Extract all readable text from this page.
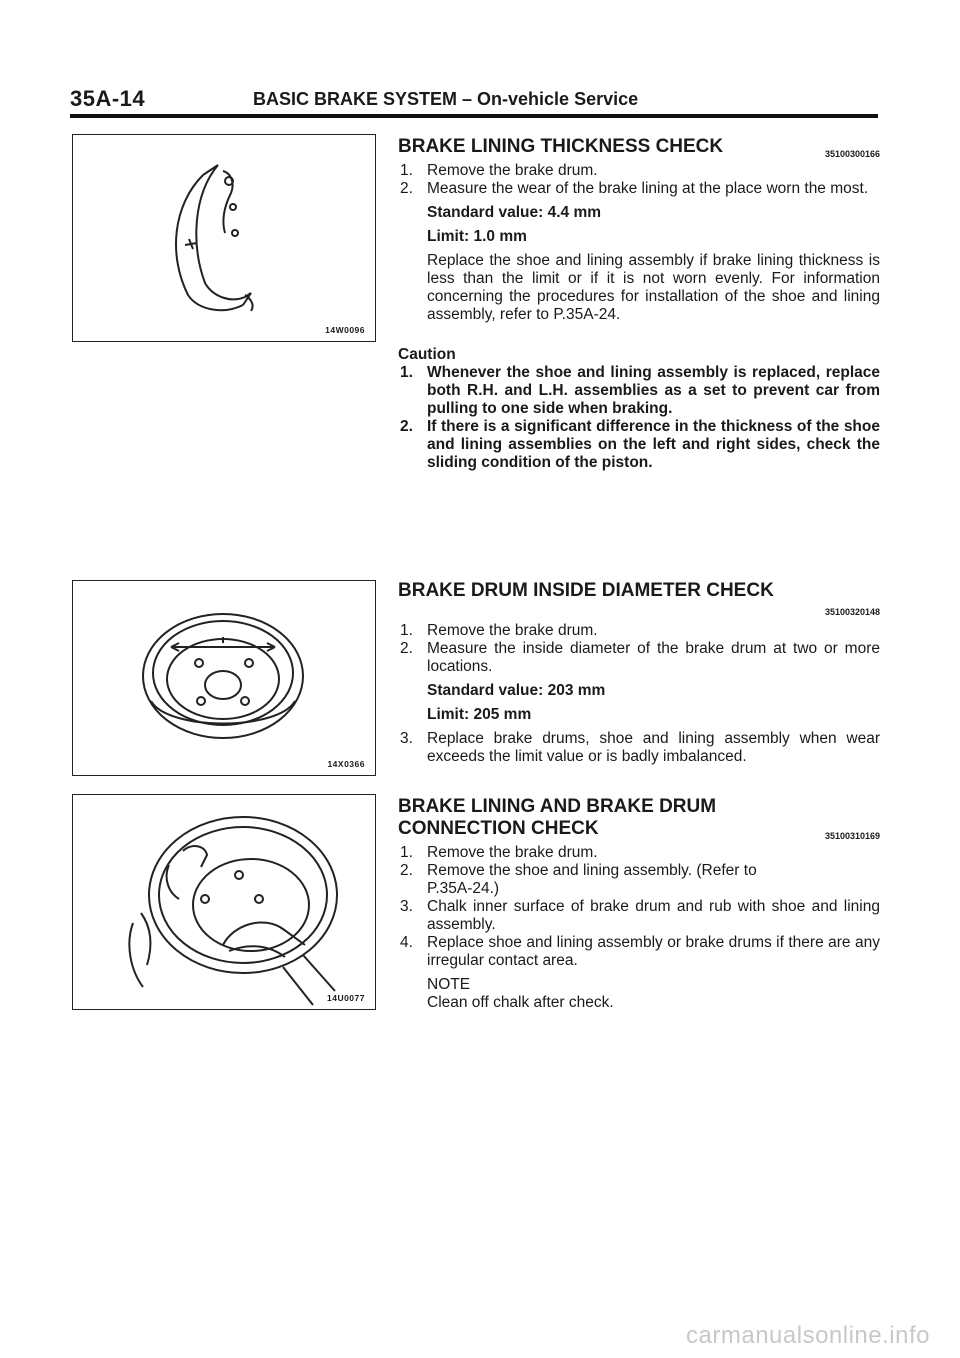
35A-14	BASIC BRAKE SYSTEM – On-vehicle Service
14W0096
BRAKE LINING THICKNESS CHECK	35100300166
1. Remove the brake drum.
2. Measure the wear of the brake lining at the place worn the most.
Standard value: 4.4 mm
Limit: 1.0 mm
Replace the shoe and lining assembly if brake lining thickness is less than the limit or if it is not worn evenly. For information concerning the procedures for installation of the shoe and lining assembly, refer to P.35A-24.
Caution
1. Whenever the shoe and lining assembly is replaced, replace both R.H. and L.H. assemblies as a set to prevent car from pulling to one side when braking.
2. If there is a significant difference in the thickness of the shoe and lining assemblies on the left and right sides, check the sliding condition of the piston.
14X0366
BRAKE DRUM INSIDE DIAMETER CHECK
35100320148
1. Remove the brake drum.
2. Measure the inside diameter of the brake drum at two or more locations.
Standard value: 203 mm
Limit: 205 mm
3. Replace brake drums, shoe and lining assembly when wear exceeds the limit value or is badly imbalanced.
14U0077
BRAKE LINING AND BRAKE DRUM
CONNECTION CHECK	35100310169
1. Remove the brake drum.
2. Remove the shoe and lining assembly. (Refer to P.35A-24.)
3. Chalk inner surface of brake drum and rub with shoe and lining assembly.
4. Replace shoe and lining assembly or brake drums if there are any irregular contact area.
NOTE
Clean off chalk after check.
carmanualsonline.info
